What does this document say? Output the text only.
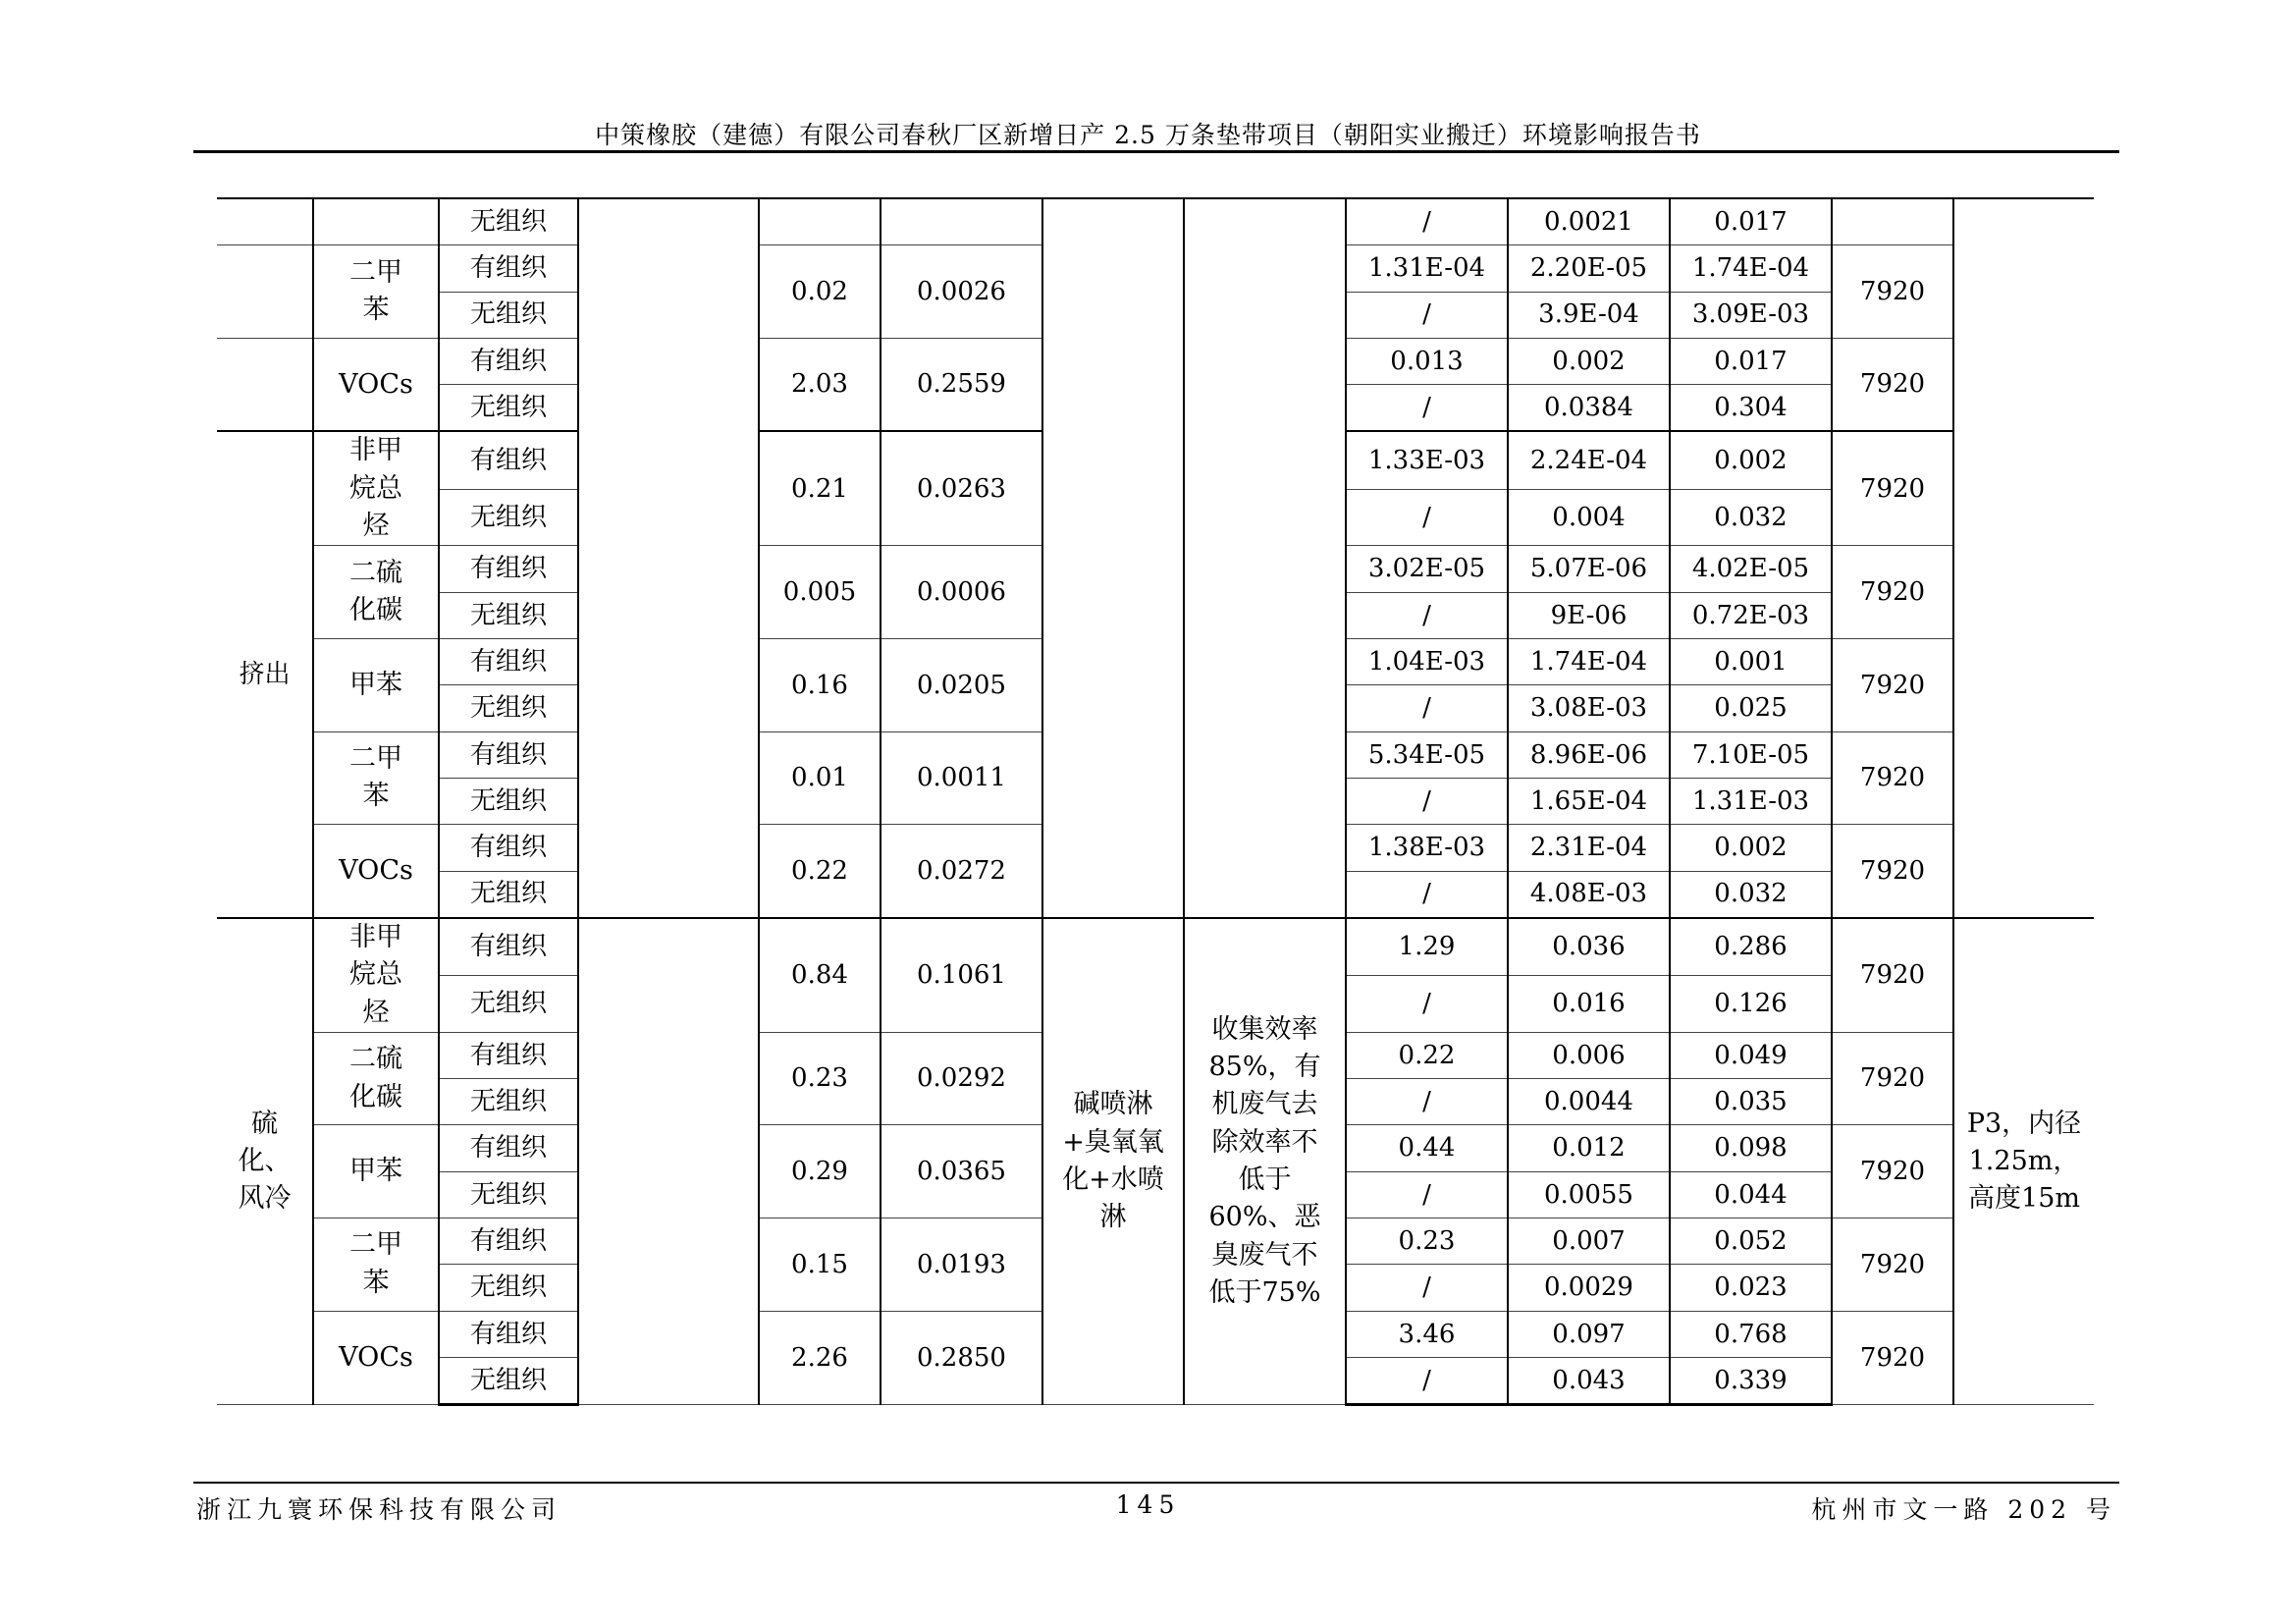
中策橡胶（建德）有限公司春秋厂区新增日产 2.5 万条垫带项目（朝阳实业搬迁）环境影响报告书
		无组织						/	0.0021	0.017		

	二甲苯	有组织		0.02	0.0026			1.31E-04	2.20E-05	1.74E-04	7920	
		无组织						/	3.9E-04	3.09E-03		

	VOCs	有组织		2.03	0.2559			0.013	0.002	0.017	7920	
		无组织						/	0.0384	0.304		
挤出	非甲烷总烃	有组织		0.21	0.0263			1.33E-03	2.24E-04	0.002	7920	
		无组织						/	0.004	0.032		

	二硫化碳	有组织		0.005	0.0006			3.02E-05	5.07E-06	4.02E-05	7920	
		无组织						/	9E-06	0.72E-03		

	甲苯	有组织		0.16	0.0205			1.04E-03	1.74E-04	0.001	7920	
		无组织						/	3.08E-03	0.025		

	二甲苯	有组织		0.01	0.0011			5.34E-05	8.96E-06	7.10E-05	7920	
		无组织						/	1.65E-04	1.31E-03		

	VOCs	有组织		0.22	0.0272			1.38E-03	2.31E-04	0.002	7920	
		无组织						/	4.08E-03	0.032		

硫化、风冷	非甲烷总烃	有组织		0.84	0.1061	碱喷淋+臭氧氧化+水喷淋	收集效率85%，有机废气去除效率不低于60%、恶臭废气不低于75%	1.29	0.036	0.286	7920	P3，内径1.25m，高度15m

		无组织						/	0.016	0.126		

	二硫化碳	有组织		0.23	0.0292			0.22	0.006	0.049	7920	
		无组织						/	0.0044	0.035		

	甲苯	有组织		0.29	0.0365			0.44	0.012	0.098	7920	
		无组织						/	0.0055	0.044		

	二甲苯	有组织		0.15	0.0193			0.23	0.007	0.052	7920	
		无组织						/	0.0029	0.023		

	VOCs	有组织		2.26	0.2850			3.46	0.097	0.768	7920	
		无组织						/	0.043	0.339		
浙江九寰环保科技有限公司	145	杭州市文一路 202 号
